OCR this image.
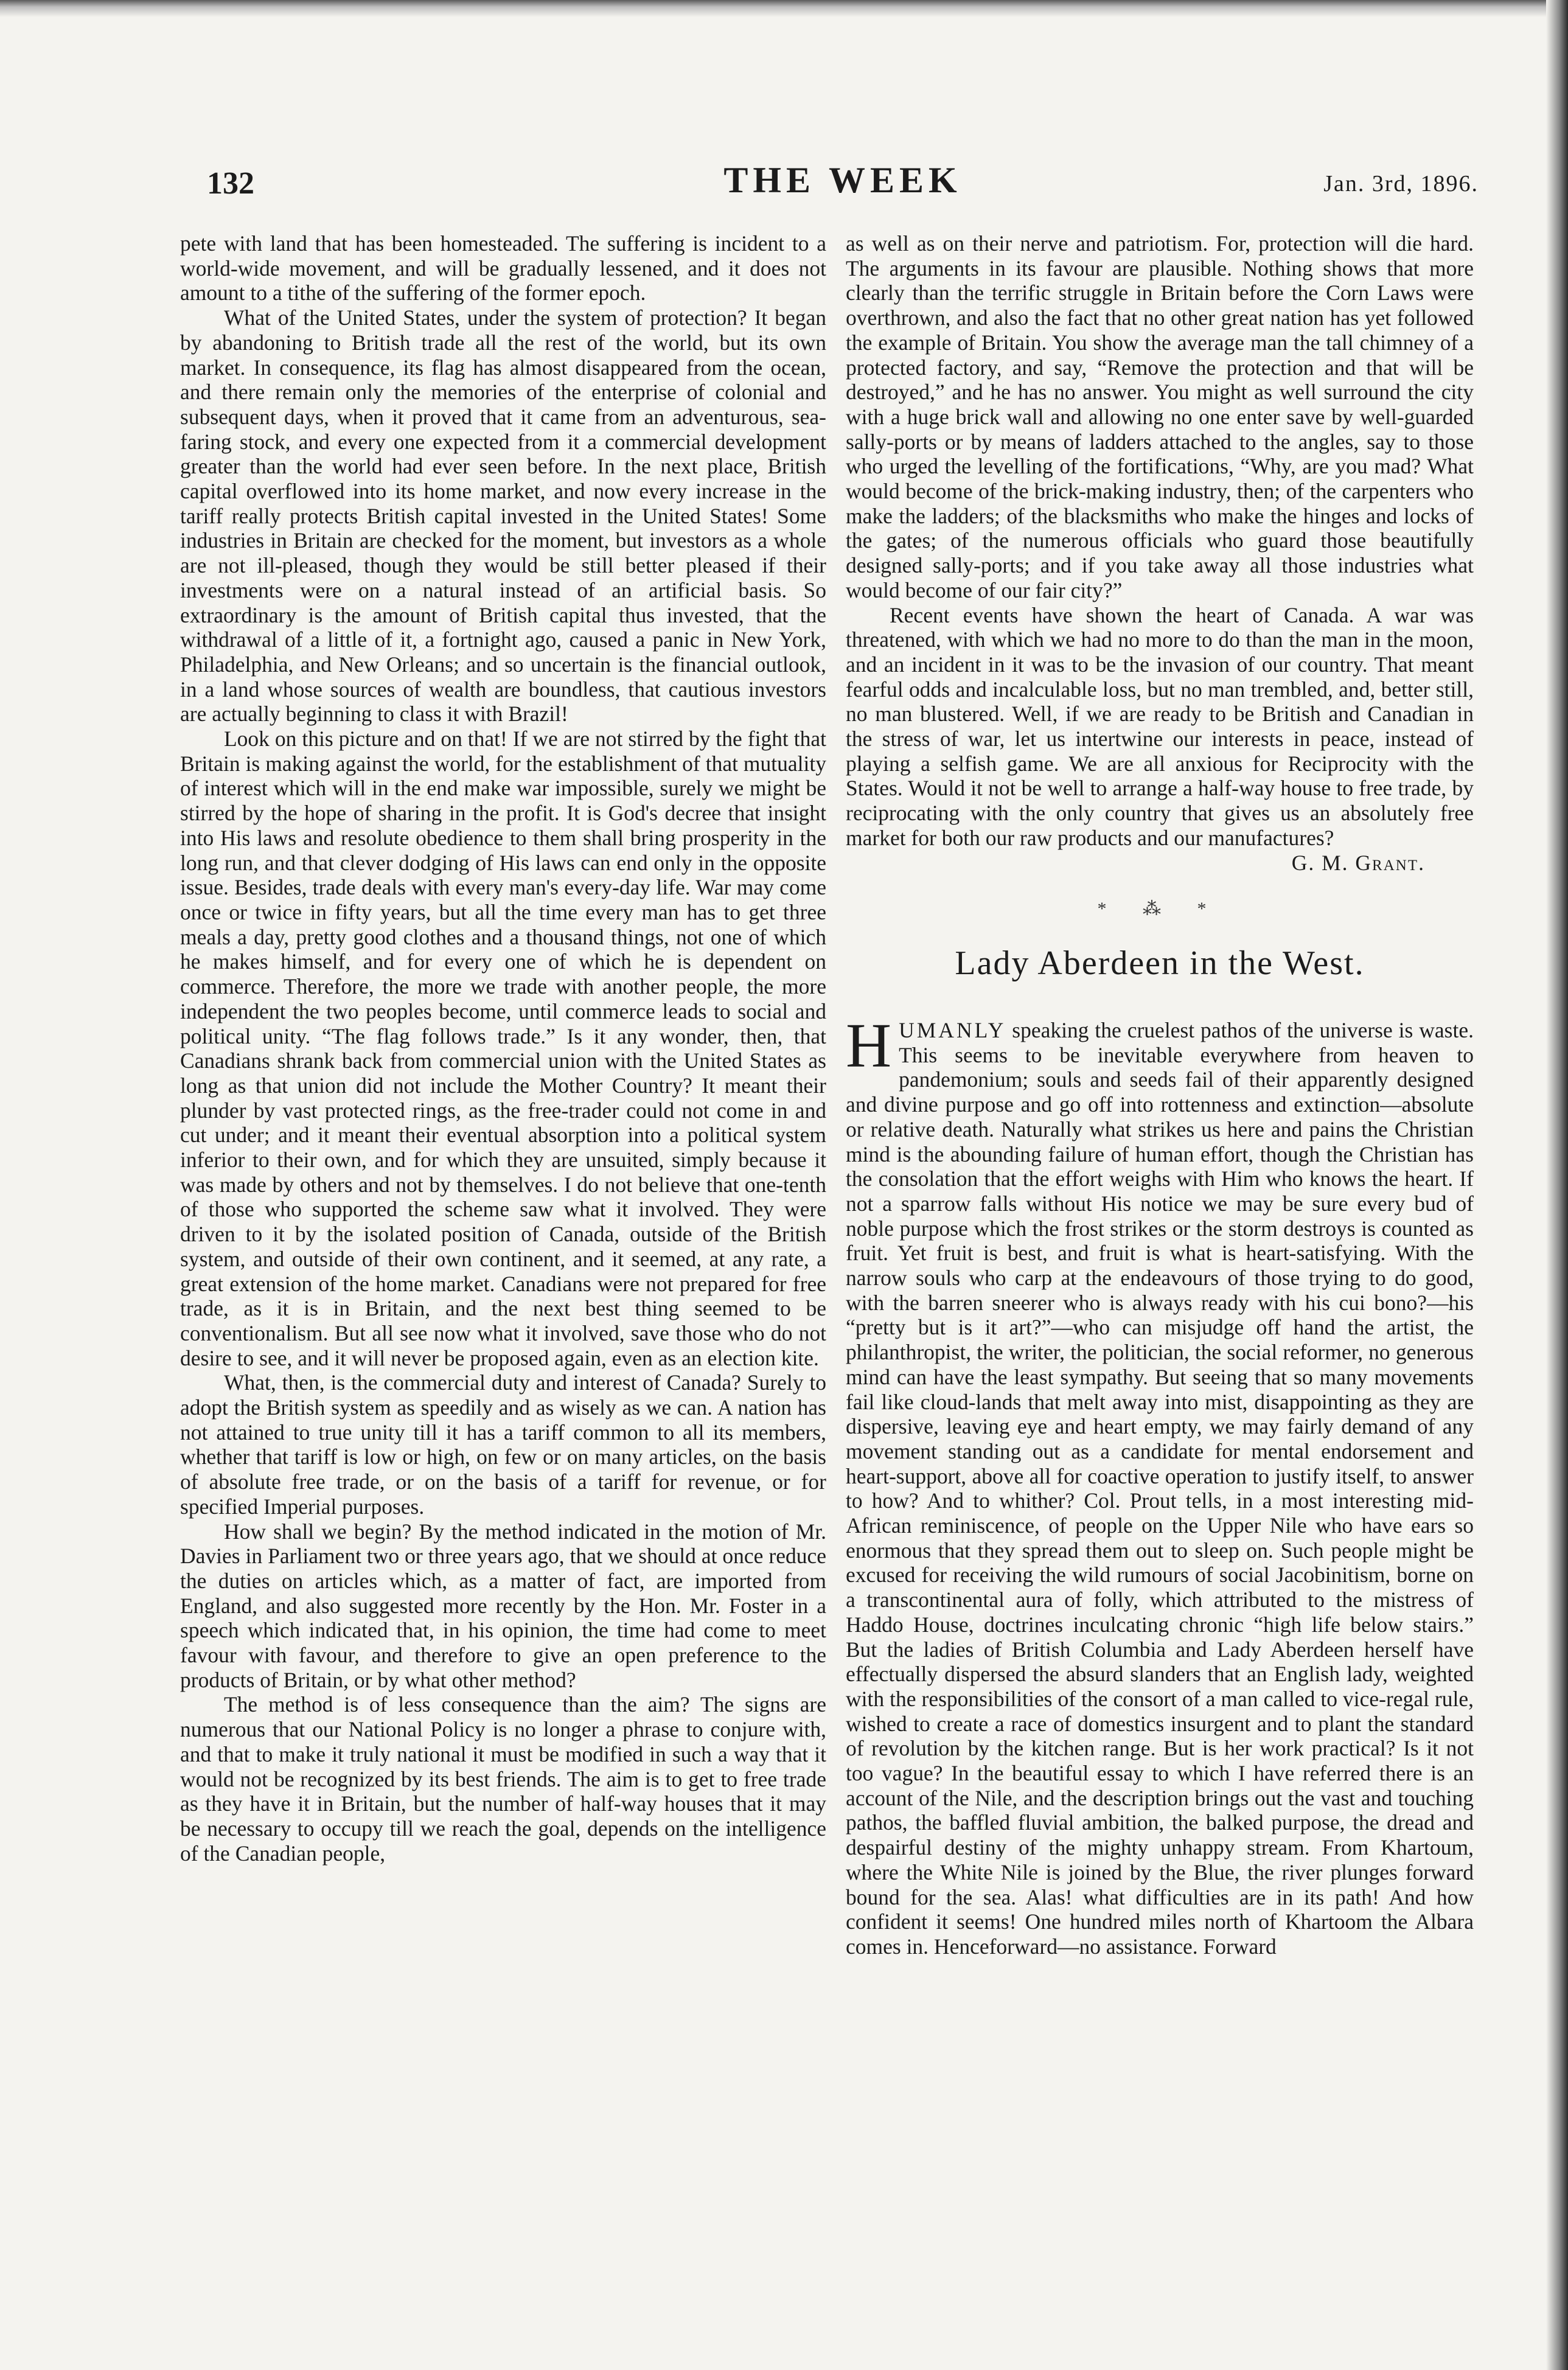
132	THE WEEK	Jan. 3rd, 1896.

pete with land that has been homesteaded. The suffering is incident to a world-wide movement, and will be gradually lessened, and it does not amount to a tithe of the suffering of the former epoch.

What of the United States, under the system of protection? It began by abandoning to British trade all the rest of the world, but its own market. In consequence, its flag has almost disappeared from the ocean, and there remain only the memories of the enterprise of colonial and subsequent days, when it proved that it came from an adventurous, sea-faring stock, and every one expected from it a commercial development greater than the world had ever seen before. In the next place, British capital overflowed into its home market, and now every increase in the tariff really protects British capital invested in the United States! Some industries in Britain are checked for the moment, but investors as a whole are not ill-pleased, though they would be still better pleased if their investments were on a natural instead of an artificial basis. So extraordinary is the amount of British capital thus invested, that the withdrawal of a little of it, a fortnight ago, caused a panic in New York, Philadelphia, and New Orleans; and so uncertain is the financial outlook, in a land whose sources of wealth are boundless, that cautious investors are actually beginning to class it with Brazil!

Look on this picture and on that! If we are not stirred by the fight that Britain is making against the world, for the establishment of that mutuality of interest which will in the end make war impossible, surely we might be stirred by the hope of sharing in the profit. It is God's decree that insight into His laws and resolute obedience to them shall bring prosperity in the long run, and that clever dodging of His laws can end only in the opposite issue. Besides, trade deals with every man's every-day life. War may come once or twice in fifty years, but all the time every man has to get three meals a day, pretty good clothes and a thousand things, not one of which he makes himself, and for every one of which he is dependent on commerce. Therefore, the more we trade with another people, the more independent the two peoples become, until commerce leads to social and political unity. “The flag follows trade.” Is it any wonder, then, that Canadians shrank back from commercial union with the United States as long as that union did not include the Mother Country? It meant their plunder by vast protected rings, as the free-trader could not come in and cut under; and it meant their eventual absorption into a political system inferior to their own, and for which they are unsuited, simply because it was made by others and not by themselves. I do not believe that one-tenth of those who supported the scheme saw what it involved. They were driven to it by the isolated position of Canada, outside of the British system, and outside of their own continent, and it seemed, at any rate, a great extension of the home market. Canadians were not prepared for free trade, as it is in Britain, and the next best thing seemed to be conventionalism. But all see now what it involved, save those who do not desire to see, and it will never be proposed again, even as an election kite.

What, then, is the commercial duty and interest of Canada? Surely to adopt the British system as speedily and as wisely as we can. A nation has not attained to true unity till it has a tariff common to all its members, whether that tariff is low or high, on few or on many articles, on the basis of absolute free trade, or on the basis of a tariff for revenue, or for specified Imperial purposes.

How shall we begin? By the method indicated in the motion of Mr. Davies in Parliament two or three years ago, that we should at once reduce the duties on articles which, as a matter of fact, are imported from England, and also suggested more recently by the Hon. Mr. Foster in a speech which indicated that, in his opinion, the time had come to meet favour with favour, and therefore to give an open preference to the products of Britain, or by what other method?

The method is of less consequence than the aim? The signs are numerous that our National Policy is no longer a phrase to conjure with, and that to make it truly national it must be modified in such a way that it would not be recognized by its best friends. The aim is to get to free trade as they have it in Britain, but the number of half-way houses that it may be necessary to occupy till we reach the goal, depends on the intelligence of the Canadian people,

as well as on their nerve and patriotism. For, protection will die hard. The arguments in its favour are plausible. Nothing shows that more clearly than the terrific struggle in Britain before the Corn Laws were overthrown, and also the fact that no other great nation has yet followed the example of Britain. You show the average man the tall chimney of a protected factory, and say, “Remove the protection and that will be destroyed,” and he has no answer. You might as well surround the city with a huge brick wall and allowing no one enter save by well-guarded sally-ports or by means of ladders attached to the angles, say to those who urged the levelling of the fortifications, “Why, are you mad? What would become of the brick-making industry, then; of the carpenters who make the ladders; of the blacksmiths who make the hinges and locks of the gates; of the numerous officials who guard those beautifully designed sally-ports; and if you take away all those industries what would become of our fair city?”

Recent events have shown the heart of Canada. A war was threatened, with which we had no more to do than the man in the moon, and an incident in it was to be the invasion of our country. That meant fearful odds and incalculable loss, but no man trembled, and, better still, no man blustered. Well, if we are ready to be British and Canadian in the stress of war, let us intertwine our interests in peace, instead of playing a selfish game. We are all anxious for Reciprocity with the States. Would it not be well to arrange a half-way house to free trade, by reciprocating with the only country that gives us an absolutely free market for both our raw products and our manufactures?

G. M. Grant.

* ⁂ *
Lady Aberdeen in the West.

HUMANLY speaking the cruelest pathos of the universe is waste. This seems to be inevitable everywhere from heaven to pandemonium; souls and seeds fail of their apparently designed and divine purpose and go off into rottenness and extinction—absolute or relative death. Naturally what strikes us here and pains the Christian mind is the abounding failure of human effort, though the Christian has the consolation that the effort weighs with Him who knows the heart. If not a sparrow falls without His notice we may be sure every bud of noble purpose which the frost strikes or the storm destroys is counted as fruit. Yet fruit is best, and fruit is what is heart-satisfying. With the narrow souls who carp at the endeavours of those trying to do good, with the barren sneerer who is always ready with his cui bono?—his “pretty but is it art?”—who can misjudge off hand the artist, the philanthropist, the writer, the politician, the social reformer, no generous mind can have the least sympathy. But seeing that so many movements fail like cloud-lands that melt away into mist, disappointing as they are dispersive, leaving eye and heart empty, we may fairly demand of any movement standing out as a candidate for mental endorsement and heart-support, above all for coactive operation to justify itself, to answer to how? And to whither? Col. Prout tells, in a most interesting mid-African reminiscence, of people on the Upper Nile who have ears so enormous that they spread them out to sleep on. Such people might be excused for receiving the wild rumours of social Jacobinitism, borne on a transcontinental aura of folly, which attributed to the mistress of Haddo House, doctrines inculcating chronic “high life below stairs.” But the ladies of British Columbia and Lady Aberdeen herself have effectually dispersed the absurd slanders that an English lady, weighted with the responsibilities of the consort of a man called to vice-regal rule, wished to create a race of domestics insurgent and to plant the standard of revolution by the kitchen range. But is her work practical? Is it not too vague? In the beautiful essay to which I have referred there is an account of the Nile, and the description brings out the vast and touching pathos, the baffled fluvial ambition, the balked purpose, the dread and despairful destiny of the mighty unhappy stream. From Khartoum, where the White Nile is joined by the Blue, the river plunges forward bound for the sea. Alas! what difficulties are in its path! And how confident it seems! One hundred miles north of Khartoom the Albara comes in. Henceforward—no assistance. Forward
